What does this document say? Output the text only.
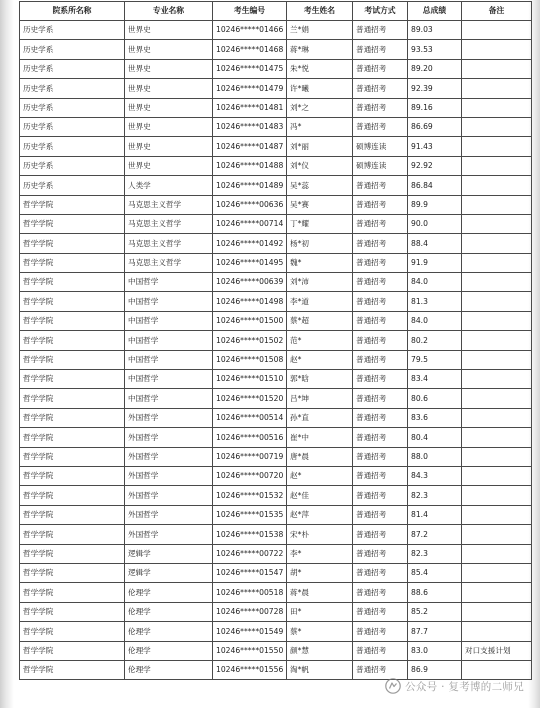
院系所名称	专业名称	考生编号	考生姓名	考试方式	总成绩	备注
历史学系	世界史	10246*****01466	兰*娟	普通招考	89.03	
历史学系	世界史	10246*****01468	蒋*琳	普通招考	93.53	
历史学系	世界史	10246*****01475	朱*悦	普通招考	89.20	
历史学系	世界史	10246*****01479	许*曦	普通招考	92.39	
历史学系	世界史	10246*****01481	刘*之	普通招考	89.16	
历史学系	世界史	10246*****01483	冯*	普通招考	86.69	
历史学系	世界史	10246*****01487	刘*丽	硕博连读	91.43	
历史学系	世界史	10246*****01488	刘*仪	硕博连读	92.92	
历史学系	人类学	10246*****01489	吴*蕊	普通招考	86.84	
哲学学院	马克思主义哲学	10246*****00636	吴*赛	普通招考	89.9	
哲学学院	马克思主义哲学	10246*****00714	丁*耀	普通招考	90.0	
哲学学院	马克思主义哲学	10246*****01492	杨*初	普通招考	88.4	
哲学学院	马克思主义哲学	10246*****01495	魏*	普通招考	91.9	
哲学学院	中国哲学	10246*****00639	刘*沛	普通招考	84.0	
哲学学院	中国哲学	10246*****01498	李*道	普通招考	81.3	
哲学学院	中国哲学	10246*****01500	蔡*超	普通招考	84.0	
哲学学院	中国哲学	10246*****01502	范*	普通招考	80.2	
哲学学院	中国哲学	10246*****01508	赵*	普通招考	79.5	
哲学学院	中国哲学	10246*****01510	郭*晗	普通招考	83.4	
哲学学院	中国哲学	10246*****01520	吕*坤	普通招考	80.6	
哲学学院	外国哲学	10246*****00514	孙*直	普通招考	83.6	
哲学学院	外国哲学	10246*****00516	崔*中	普通招考	80.4	
哲学学院	外国哲学	10246*****00719	唐*晨	普通招考	88.0	
哲学学院	外国哲学	10246*****00720	赵*	普通招考	84.3	
哲学学院	外国哲学	10246*****01532	赵*佳	普通招考	82.3	
哲学学院	外国哲学	10246*****01535	赵*萍	普通招考	81.4	
哲学学院	外国哲学	10246*****01538	宋*朴	普通招考	87.2	
哲学学院	逻辑学	10246*****00722	李*	普通招考	82.3	
哲学学院	逻辑学	10246*****01547	胡*	普通招考	85.4	
哲学学院	伦理学	10246*****00518	蒋*晨	普通招考	88.6	
哲学学院	伦理学	10246*****00728	田*	普通招考	85.2	
哲学学院	伦理学	10246*****01549	蔡*	普通招考	87.7	
哲学学院	伦理学	10246*****01550	颜*慧	普通招考	83.0	对口支援计划
哲学学院	伦理学	10246*****01556	淘*帆	普通招考	86.9	
公众号 · 复考博的二师兄
